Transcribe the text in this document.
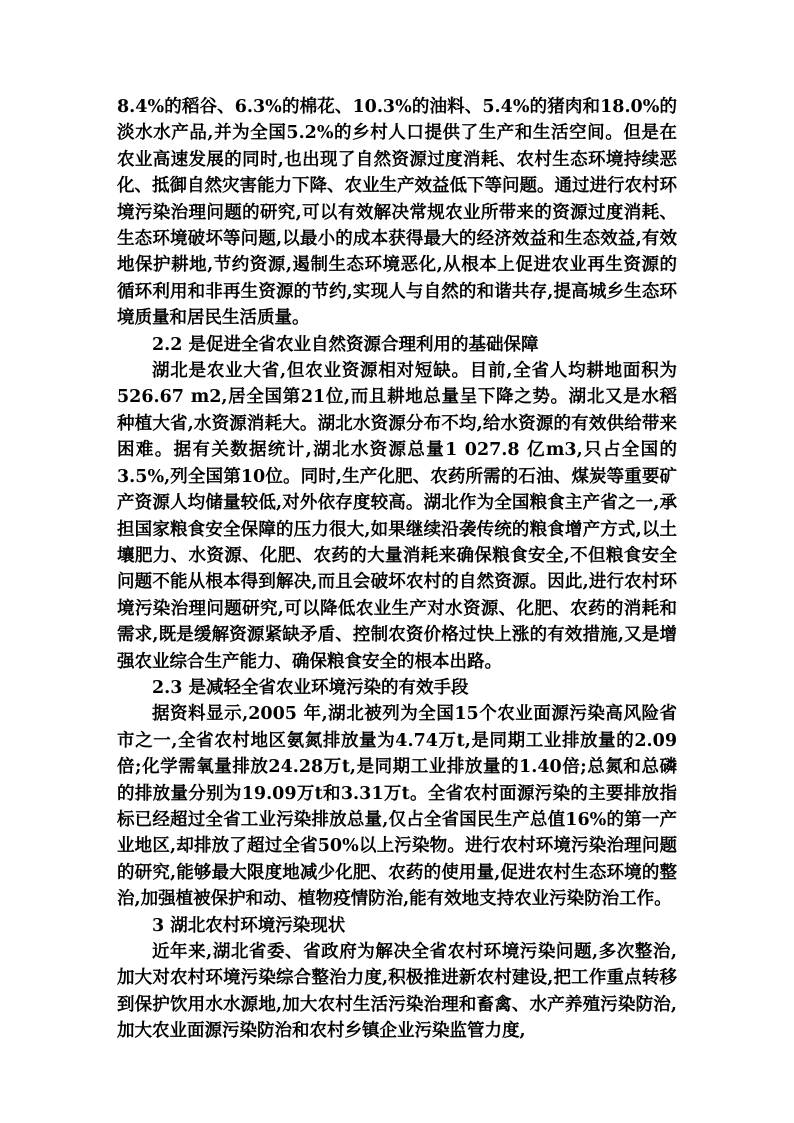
8.4%的稻谷、6.3%的棉花、10.3%的油料、5.4%的猪肉和18.0%的淡水水产品,并为全国5.2%的乡村人口提供了生产和生活空间。但是在农业高速发展的同时,也出现了自然资源过度消耗、农村生态环境持续恶化、抵御自然灾害能力下降、农业生产效益低下等问题。通过进行农村环境污染治理问题的研究,可以有效解决常规农业所带来的资源过度消耗、生态环境破坏等问题,以最小的成本获得最大的经济效益和生态效益,有效地保护耕地,节约资源,遏制生态环境恶化,从根本上促进农业再生资源的循环利用和非再生资源的节约,实现人与自然的和谐共存,提高城乡生态环境质量和居民生活质量。

2.2 是促进全省农业自然资源合理利用的基础保障

湖北是农业大省,但农业资源相对短缺。目前,全省人均耕地面积为526.67 m2,居全国第21位,而且耕地总量呈下降之势。湖北又是水稻种植大省,水资源消耗大。湖北水资源分布不均,给水资源的有效供给带来困难。据有关数据统计,湖北水资源总量1 027.8 亿m3,只占全国的3.5%,列全国第10位。同时,生产化肥、农药所需的石油、煤炭等重要矿产资源人均储量较低,对外依存度较高。湖北作为全国粮食主产省之一,承担国家粮食安全保障的压力很大,如果继续沿袭传统的粮食增产方式,以土壤肥力、水资源、化肥、农药的大量消耗来确保粮食安全,不但粮食安全问题不能从根本得到解决,而且会破坏农村的自然资源。因此,进行农村环境污染治理问题研究,可以降低农业生产对水资源、化肥、农药的消耗和需求,既是缓解资源紧缺矛盾、控制农资价格过快上涨的有效措施,又是增强农业综合生产能力、确保粮食安全的根本出路。

2.3 是减轻全省农业环境污染的有效手段

据资料显示,2005 年,湖北被列为全国15个农业面源污染高风险省市之一,全省农村地区氨氮排放量为4.74万t,是同期工业排放量的2.09倍;化学需氧量排放24.28万t,是同期工业排放量的1.40倍;总氮和总磷的排放量分别为19.09万t和3.31万t。全省农村面源污染的主要排放指标已经超过全省工业污染排放总量,仅占全省国民生产总值16%的第一产业地区,却排放了超过全省50%以上污染物。进行农村环境污染治理问题的研究,能够最大限度地减少化肥、农药的使用量,促进农村生态环境的整治,加强植被保护和动、植物疫情防治,能有效地支持农业污染防治工作。

3 湖北农村环境污染现状

近年来,湖北省委、省政府为解决全省农村环境污染问题,多次整治,加大对农村环境污染综合整治力度,积极推进新农村建设,把工作重点转移到保护饮用水水源地,加大农村生活污染治理和畜禽、水产养殖污染防治,加大农业面源污染防治和农村乡镇企业污染监管力度,
